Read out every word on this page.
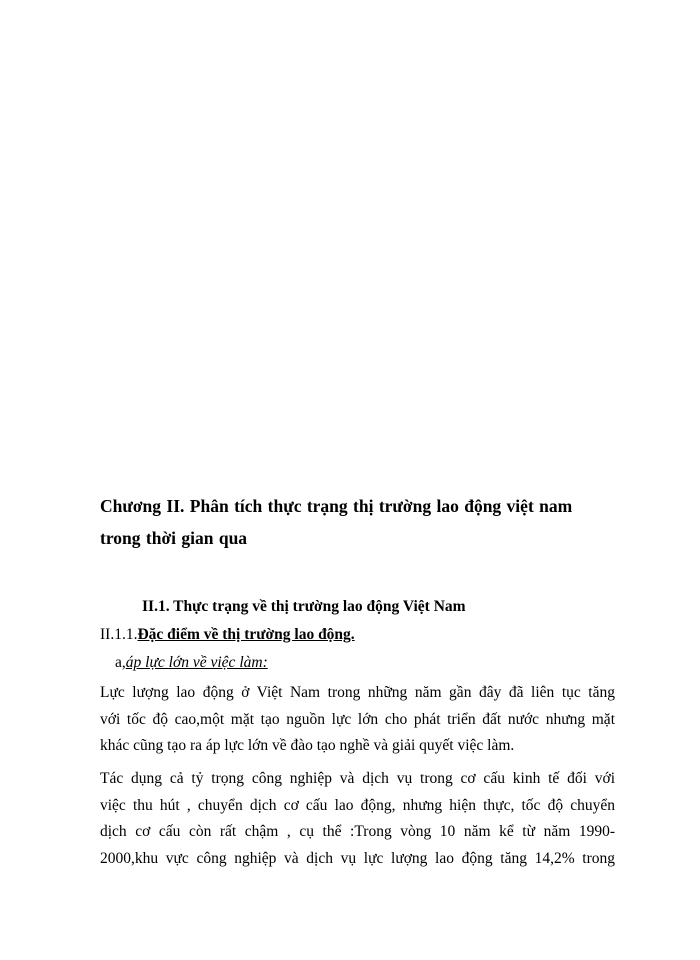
Chương II. Phân tích thực trạng thị trường lao động việt nam
trong thời gian qua
II.1. Thực trạng về thị trường lao động Việt Nam

II.1.1.Đặc điểm về thị trường lao động.

a,áp lực lớn về việc làm:

Lực lượng lao động ở Việt Nam trong những năm gần đây đã liên tục tăng
với tốc độ cao,một mặt tạo nguồn lực lớn cho phát triển đất nước nhưng mặt
khác cũng tạo ra áp lực lớn về đào tạo nghề và giải quyết việc làm.

Tác dụng cả tỷ trọng công nghiệp và dịch vụ trong cơ cấu kinh tế đối với
việc thu hút , chuyển dịch cơ cấu lao động, nhưng hiện thực, tốc độ chuyển
dịch cơ cấu còn rất chậm , cụ thể :Trong vòng 10 năm kể từ năm 1990-
2000,khu vực công nghiệp và dịch vụ lực lượng lao động tăng 14,2% trong
